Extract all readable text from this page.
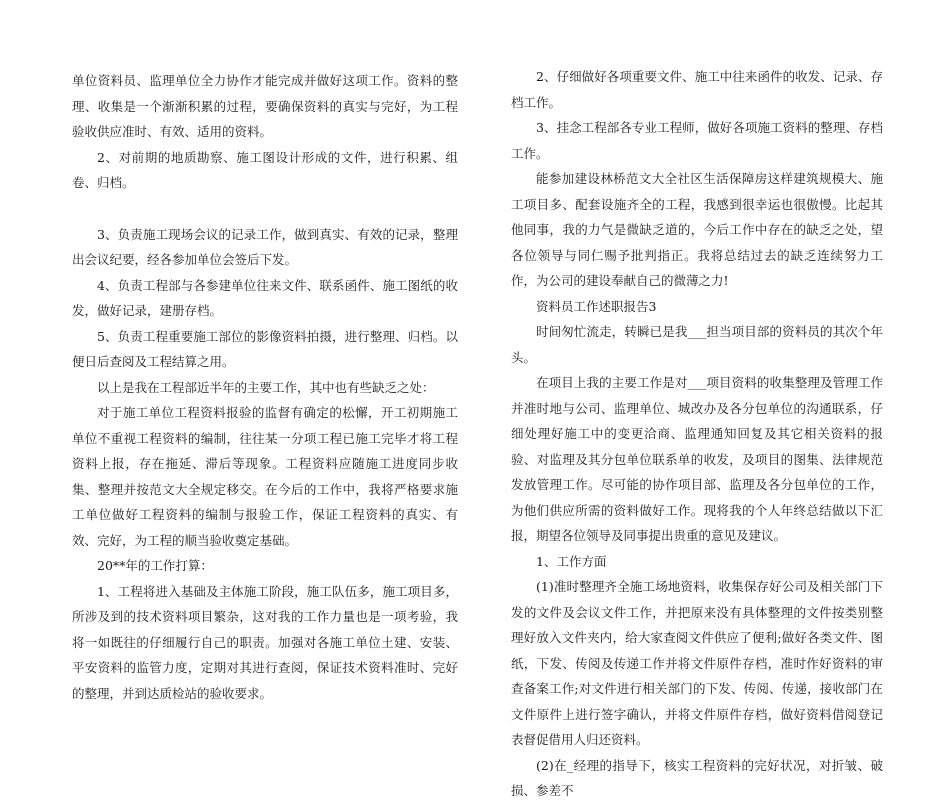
单位资料员、监理单位全力协作才能完成并做好这项工作。资料的整理、收集是一个渐渐积累的过程，要确保资料的真实与完好，为工程验收供应准时、有效、适用的资料。

2、对前期的地质勘察、施工图设计形成的文件，进行积累、组卷、归档。

3、负责施工现场会议的记录工作，做到真实、有效的记录，整理出会议纪要，经各参加单位会签后下发。

4、负责工程部与各参建单位往来文件、联系函件、施工图纸的收发，做好记录，建册存档。

5、负责工程重要施工部位的影像资料拍摄，进行整理、归档。以便日后查阅及工程结算之用。

以上是我在工程部近半年的主要工作，其中也有些缺乏之处：

对于施工单位工程资料报验的监督有确定的松懈，开工初期施工单位不重视工程资料的编制，往往某一分项工程已施工完毕才将工程资料上报，存在拖延、滞后等现象。工程资料应随施工进度同步收集、整理并按范文大全规定移交。在今后的工作中，我将严格要求施工单位做好工程资料的编制与报验工作，保证工程资料的真实、有效、完好，为工程的顺当验收奠定基础。

20**年的工作打算：

1、工程将进入基础及主体施工阶段，施工队伍多，施工项目多，所涉及到的技术资料项目繁杂，这对我的工作力量也是一项考验，我将一如既往的仔细履行自己的职责。加强对各施工单位土建、安装、平安资料的监管力度，定期对其进行查阅，保证技术资料准时、完好的整理，并到达质检站的验收要求。

2、仔细做好各项重要文件、施工中往来函件的收发、记录、存档工作。

3、挂念工程部各专业工程师，做好各项施工资料的整理、存档工作。

能参加建设林桥范文大全社区生活保障房这样建筑规模大、施工项目多、配套设施齐全的工程，我感到很幸运也很傲慢。比起其他同事，我的力气是微缺乏道的，今后工作中存在的缺乏之处，望各位领导与同仁赐予批判指正。我将总结过去的缺乏连续努力工作，为公司的建设奉献自己的微薄之力!

资料员工作述职报告3

时间匆忙流走，转瞬已是我___担当项目部的资料员的其次个年头。

在项目上我的主要工作是对___项目资料的收集整理及管理工作并准时地与公司、监理单位、城改办及各分包单位的沟通联系，仔细处理好施工中的变更洽商、监理通知回复及其它相关资料的报验、对监理及其分包单位联系单的收发，及项目的图集、法律规范发放管理工作。尽可能的协作项目部、监理及各分包单位的工作，为他们供应所需的资料做好工作。现将我的个人年终总结做以下汇报，期望各位领导及同事提出贵重的意见及建议。

1、工作方面

(1)准时整理齐全施工场地资料，收集保存好公司及相关部门下发的文件及会议文件工作，并把原来没有具体整理的文件按类别整理好放入文件夹内，给大家查阅文件供应了便利;做好各类文件、图纸，下发、传阅及传递工作并将文件原件存档，准时作好资料的审查备案工作;对文件进行相关部门的下发、传阅、传递，接收部门在文件原件上进行签字确认，并将文件原件存档，做好资料借阅登记表督促借用人归还资料。

(2)在_经理的指导下，核实工程资料的完好状况，对折皱、破损、参差不
